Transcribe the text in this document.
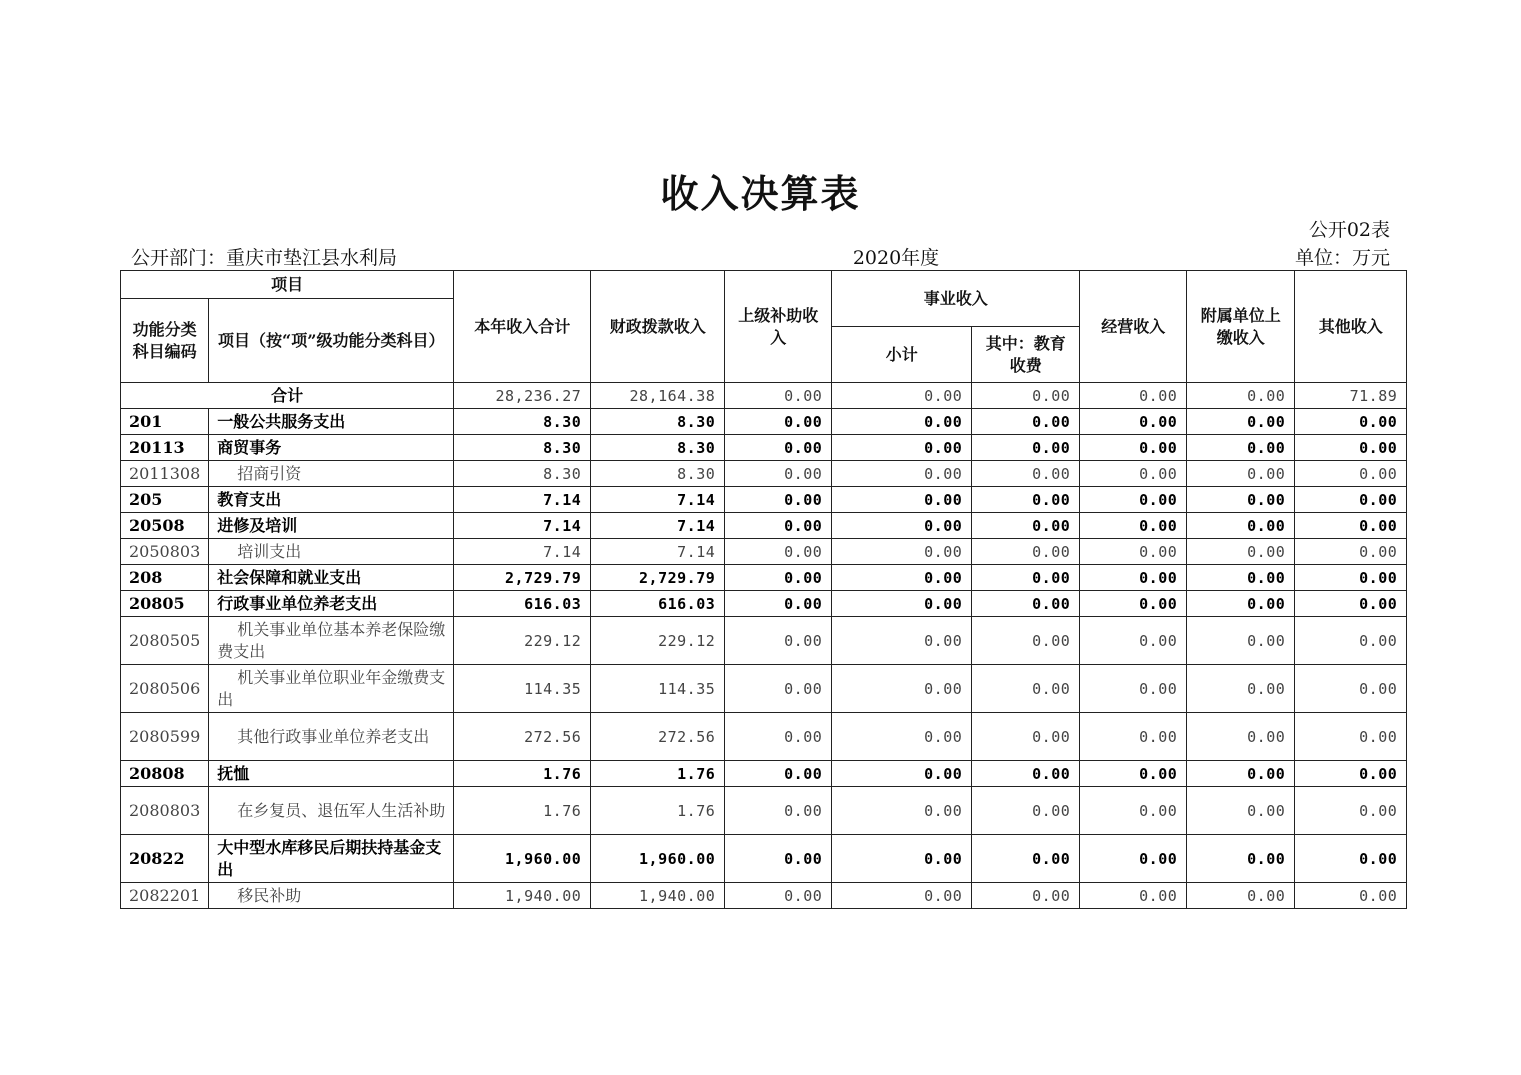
收入决算表
公开02表
公开部门：重庆市垫江县水利局	2020年度	单位：万元
项目		本年收入合计	财政拨款收入	上级补助收入	事业收入		经营收入	附属单位上缴收入	其他收入
功能分类科目编码	项目（按“项”级功能分类科目）								
					小计	其中：教育收费			
合计		28,236.27	28,164.38	0.00	0.00	0.00	0.00	0.00	71.89
201	一般公共服务支出	8.30	8.30	0.00	0.00	0.00	0.00	0.00	0.00
20113	商贸事务	8.30	8.30	0.00	0.00	0.00	0.00	0.00	0.00
2011308	招商引资	8.30	8.30	0.00	0.00	0.00	0.00	0.00	0.00
205	教育支出	7.14	7.14	0.00	0.00	0.00	0.00	0.00	0.00
20508	进修及培训	7.14	7.14	0.00	0.00	0.00	0.00	0.00	0.00
2050803	培训支出	7.14	7.14	0.00	0.00	0.00	0.00	0.00	0.00
208	社会保障和就业支出	2,729.79	2,729.79	0.00	0.00	0.00	0.00	0.00	0.00
20805	行政事业单位养老支出	616.03	616.03	0.00	0.00	0.00	0.00	0.00	0.00
2080505	机关事业单位基本养老保险缴费支出	229.12	229.12	0.00	0.00	0.00	0.00	0.00	0.00
2080506	机关事业单位职业年金缴费支出	114.35	114.35	0.00	0.00	0.00	0.00	0.00	0.00
2080599	其他行政事业单位养老支出	272.56	272.56	0.00	0.00	0.00	0.00	0.00	0.00
20808	抚恤	1.76	1.76	0.00	0.00	0.00	0.00	0.00	0.00
2080803	在乡复员、退伍军人生活补助	1.76	1.76	0.00	0.00	0.00	0.00	0.00	0.00
20822	大中型水库移民后期扶持基金支出	1,960.00	1,960.00	0.00	0.00	0.00	0.00	0.00	0.00
2082201	移民补助	1,940.00	1,940.00	0.00	0.00	0.00	0.00	0.00	0.00
